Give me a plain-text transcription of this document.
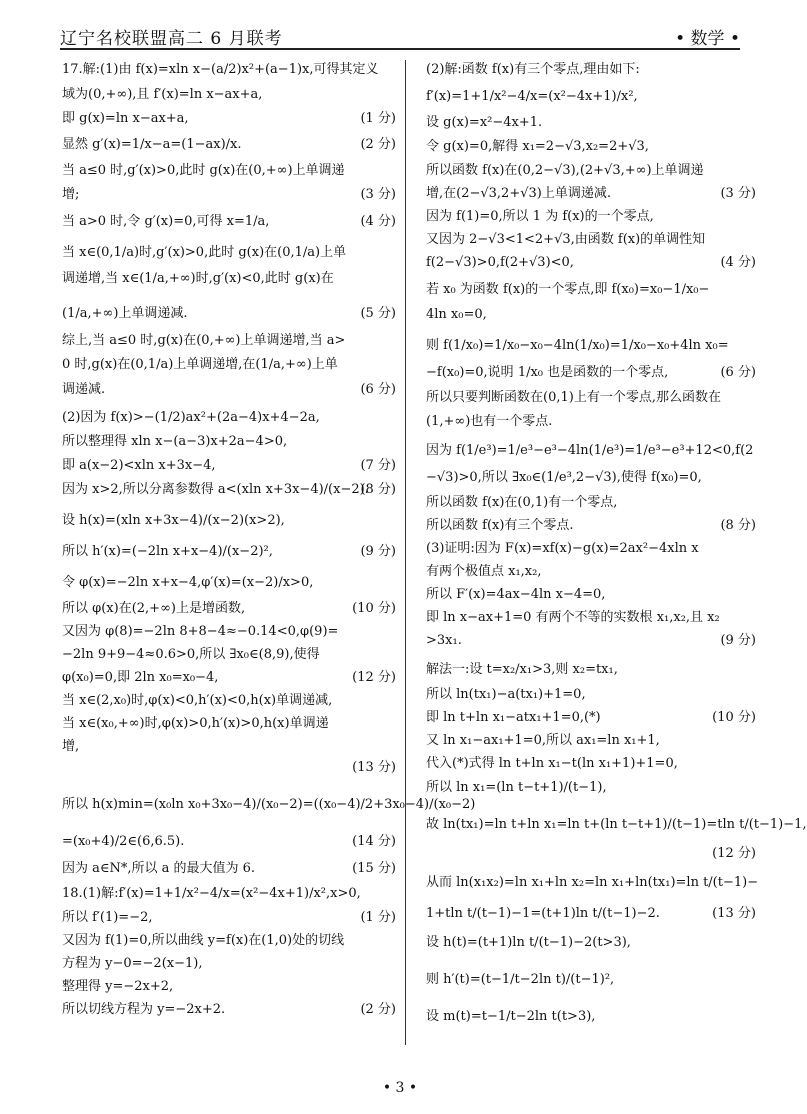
辽宁名校联盟高二 6 月联考	• 数学 •
17.解:(1)由 f(x)=xln x−(a/2)x²+(a−1)x,可得其定义
域为(0,+∞),且 f′(x)=ln x−ax+a,
即 g(x)=ln x−ax+a,	(1 分)
显然 g′(x)=1/x−a=(1−ax)/x.	(2 分)
当 a≤0 时,g′(x)>0,此时 g(x)在(0,+∞)上单调递
增;	(3 分)
当 a>0 时,令 g′(x)=0,可得 x=1/a,	(4 分)
当 x∈(0,1/a)时,g′(x)>0,此时 g(x)在(0,1/a)上单
调递增,当 x∈(1/a,+∞)时,g′(x)<0,此时 g(x)在
(1/a,+∞)上单调递减.	(5 分)
综上,当 a≤0 时,g(x)在(0,+∞)上单调递增,当 a>
0 时,g(x)在(0,1/a)上单调递增,在(1/a,+∞)上单
调递减.	(6 分)
(2)因为 f(x)>−(1/2)ax²+(2a−4)x+4−2a,
所以整理得 xln x−(a−3)x+2a−4>0,
即 a(x−2)<xln x+3x−4,	(7 分)
因为 x>2,所以分离参数得 a<(xln x+3x−4)/(x−2).
(8 分)
设 h(x)=(xln x+3x−4)/(x−2)(x>2),
所以 h′(x)=(−2ln x+x−4)/(x−2)²,	(9 分)
令 φ(x)=−2ln x+x−4,φ′(x)=(x−2)/x>0,
所以 φ(x)在(2,+∞)上是增函数,	(10 分)
又因为 φ(8)=−2ln 8+8−4≈−0.14<0,φ(9)=
−2ln 9+9−4≈0.6>0,所以 ∃x₀∈(8,9),使得
φ(x₀)=0,即 2ln x₀=x₀−4,	(12 分)
当 x∈(2,x₀)时,φ(x)<0,h′(x)<0,h(x)单调递减,
当 x∈(x₀,+∞)时,φ(x)>0,h′(x)>0,h(x)单调递
增,
(13 分)
所以 h(x)min=(x₀ln x₀+3x₀−4)/(x₀−2)=((x₀−4)/2+3x₀−4)/(x₀−2)
=(x₀+4)/2∈(6,6.5).	(14 分)
因为 a∈N*,所以 a 的最大值为 6.	(15 分)
18.(1)解:f′(x)=1+1/x²−4/x=(x²−4x+1)/x²,x>0,
所以 f′(1)=−2,	(1 分)
又因为 f(1)=0,所以曲线 y=f(x)在(1,0)处的切线
方程为 y−0=−2(x−1),
整理得 y=−2x+2,
所以切线方程为 y=−2x+2.	(2 分)
(2)解:函数 f(x)有三个零点,理由如下:
f′(x)=1+1/x²−4/x=(x²−4x+1)/x²,
设 g(x)=x²−4x+1.
令 g(x)=0,解得 x₁=2−√3,x₂=2+√3,
所以函数 f(x)在(0,2−√3),(2+√3,+∞)上单调递
增,在(2−√3,2+√3)上单调递减.	(3 分)
因为 f(1)=0,所以 1 为 f(x)的一个零点,
又因为 2−√3<1<2+√3,由函数 f(x)的单调性知
f(2−√3)>0,f(2+√3)<0,	(4 分)
若 x₀ 为函数 f(x)的一个零点,即 f(x₀)=x₀−1/x₀−
4ln x₀=0,
则 f(1/x₀)=1/x₀−x₀−4ln(1/x₀)=1/x₀−x₀+4ln x₀=
−f(x₀)=0,说明 1/x₀ 也是函数的一个零点,	(6 分)
所以只要判断函数在(0,1)上有一个零点,那么函数在
(1,+∞)也有一个零点.
因为 f(1/e³)=1/e³−e³−4ln(1/e³)=1/e³−e³+12<0,f(2
−√3)>0,所以 ∃x₀∈(1/e³,2−√3),使得 f(x₀)=0,
所以函数 f(x)在(0,1)有一个零点,
所以函数 f(x)有三个零点.	(8 分)
(3)证明:因为 F(x)=xf(x)−g(x)=2ax²−4xln x
有两个极值点 x₁,x₂,
所以 F′(x)=4ax−4ln x−4=0,
即 ln x−ax+1=0 有两个不等的实数根 x₁,x₂,且 x₂
>3x₁.	(9 分)
解法一:设 t=x₂/x₁>3,则 x₂=tx₁,
所以 ln(tx₁)−a(tx₁)+1=0,
即 ln t+ln x₁−atx₁+1=0,(*)	(10 分)
又 ln x₁−ax₁+1=0,所以 ax₁=ln x₁+1,
代入(*)式得 ln t+ln x₁−t(ln x₁+1)+1=0,
所以 ln x₁=(ln t−t+1)/(t−1),
故 ln(tx₁)=ln t+ln x₁=ln t+(ln t−t+1)/(t−1)=tln t/(t−1)−1,
(12 分)
从而 ln(x₁x₂)=ln x₁+ln x₂=ln x₁+ln(tx₁)=ln t/(t−1)−
1+tln t/(t−1)−1=(t+1)ln t/(t−1)−2.	(13 分)
设 h(t)=(t+1)ln t/(t−1)−2(t>3),
则 h′(t)=(t−1/t−2ln t)/(t−1)²,
设 m(t)=t−1/t−2ln t(t>3),
• 3 •
